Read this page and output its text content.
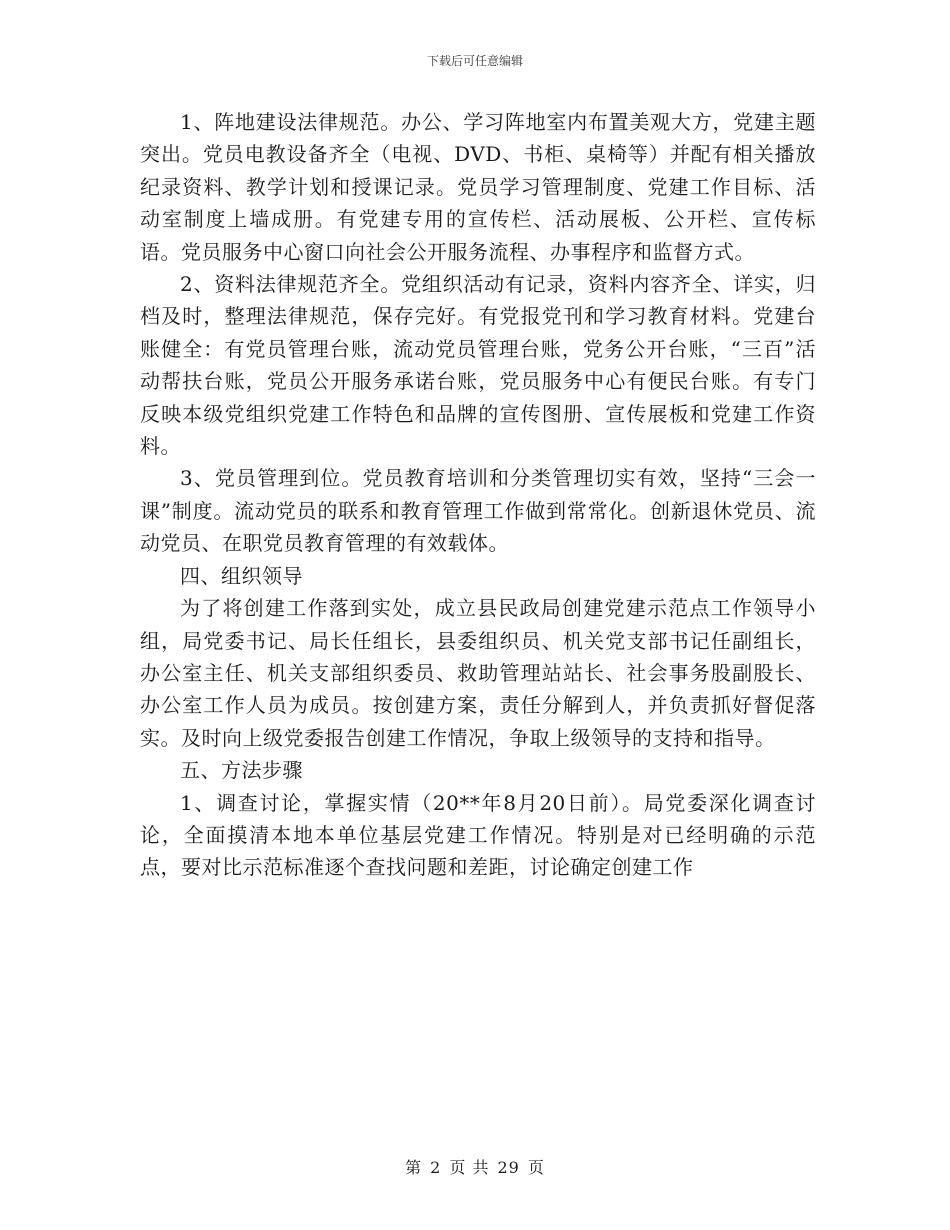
下载后可任意编辑

1、阵地建设法律规范。办公、学习阵地室内布置美观大方，党建主题突出。党员电教设备齐全（电视、DVD、书柜、桌椅等）并配有相关播放纪录资料、教学计划和授课记录。党员学习管理制度、党建工作目标、活动室制度上墙成册。有党建专用的宣传栏、活动展板、公开栏、宣传标语。党员服务中心窗口向社会公开服务流程、办事程序和监督方式。

2、资料法律规范齐全。党组织活动有记录，资料内容齐全、详实，归档及时，整理法律规范，保存完好。有党报党刊和学习教育材料。党建台账健全：有党员管理台账，流动党员管理台账，党务公开台账，“三百”活动帮扶台账，党员公开服务承诺台账，党员服务中心有便民台账。有专门反映本级党组织党建工作特色和品牌的宣传图册、宣传展板和党建工作资料。

3、党员管理到位。党员教育培训和分类管理切实有效，坚持“三会一课”制度。流动党员的联系和教育管理工作做到常常化。创新退休党员、流动党员、在职党员教育管理的有效载体。

四、组织领导

为了将创建工作落到实处，成立县民政局创建党建示范点工作领导小组，局党委书记、局长任组长，县委组织员、机关党支部书记任副组长，办公室主任、机关支部组织委员、救助管理站站长、社会事务股副股长、办公室工作人员为成员。按创建方案，责任分解到人，并负责抓好督促落实。及时向上级党委报告创建工作情况，争取上级领导的支持和指导。

五、方法步骤

1、调查讨论，掌握实情（20**年8月20日前）。局党委深化调查讨论，全面摸清本地本单位基层党建工作情况。特别是对已经明确的示范点，要对比示范标准逐个查找问题和差距，讨论确定创建工作

第 2 页 共 29 页
